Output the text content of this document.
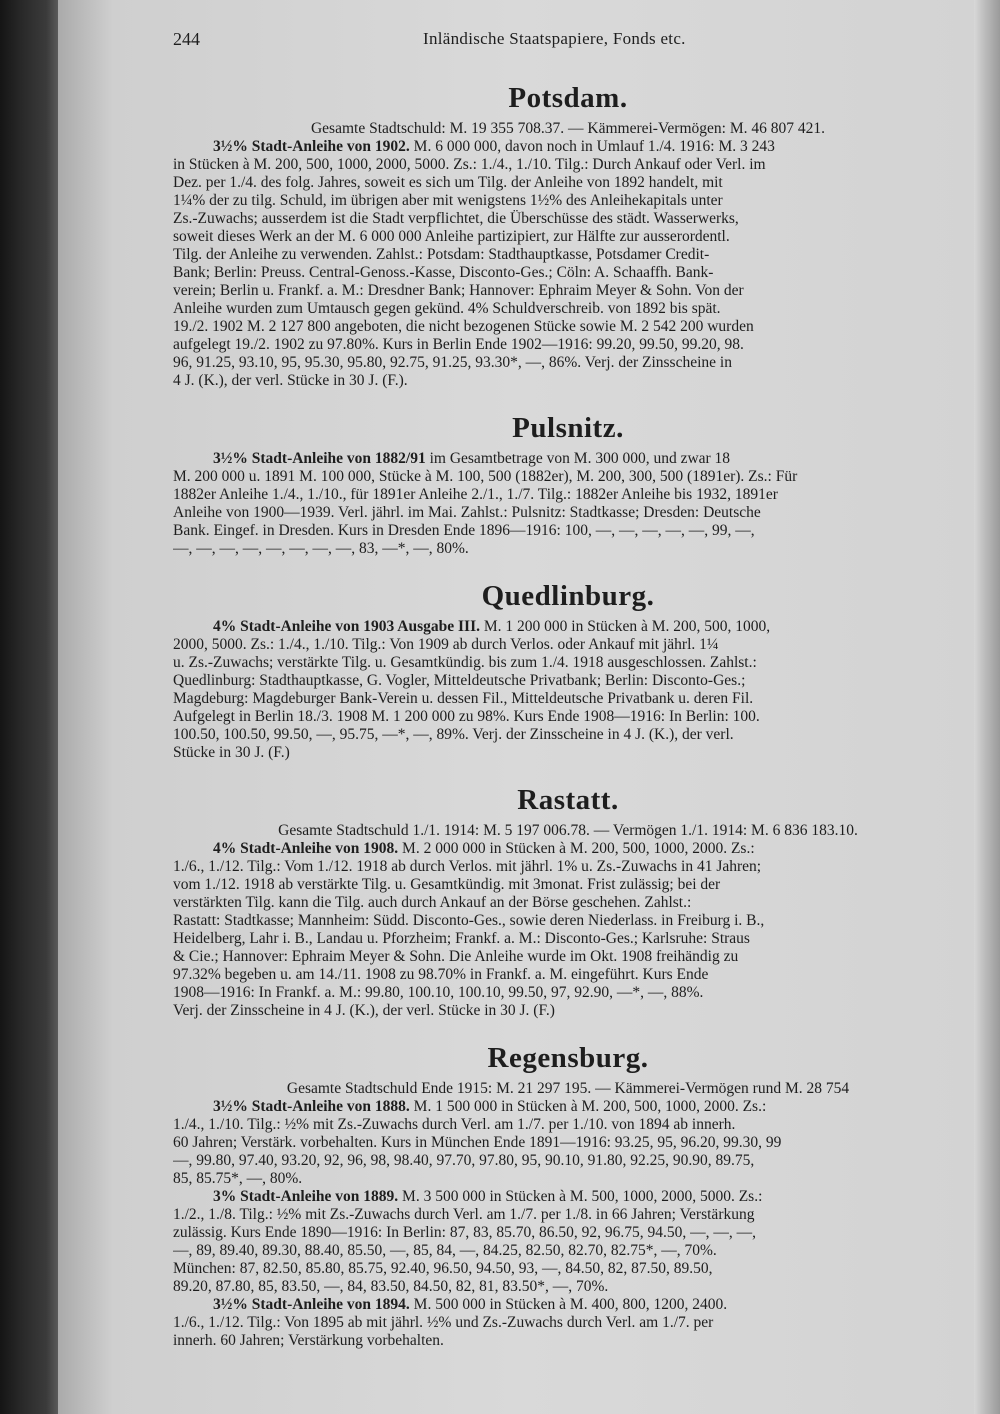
244	Inländische Staatspapiere, Fonds etc.
Potsdam.
Gesamte Stadtschuld: M. 19 355 708.37. — Kämmerei-Vermögen: M. 46 807 421.
3½% Stadt-Anleihe von 1902. M. 6 000 000, davon noch in Umlauf 1./4. 1916: M. 3 243
in Stücken à M. 200, 500, 1000, 2000, 5000. Zs.: 1./4., 1./10. Tilg.: Durch Ankauf oder Verl. im
Dez. per 1./4. des folg. Jahres, soweit es sich um Tilg. der Anleihe von 1892 handelt, mit
1¼% der zu tilg. Schuld, im übrigen aber mit wenigstens 1½% des Anleihekapitals unter
Zs.-Zuwachs; ausserdem ist die Stadt verpflichtet, die Überschüsse des städt. Wasserwerks,
soweit dieses Werk an der M. 6 000 000 Anleihe partizipiert, zur Hälfte zur ausserordentl.
Tilg. der Anleihe zu verwenden. Zahlst.: Potsdam: Stadthauptkasse, Potsdamer Credit-
Bank; Berlin: Preuss. Central-Genoss.-Kasse, Disconto-Ges.; Cöln: A. Schaaffh. Bank-
verein; Berlin u. Frankf. a. M.: Dresdner Bank; Hannover: Ephraim Meyer & Sohn. Von der
Anleihe wurden zum Umtausch gegen gekünd. 4% Schuldverschreib. von 1892 bis spät.
19./2. 1902 M. 2 127 800 angeboten, die nicht bezogenen Stücke sowie M. 2 542 200 wurden
aufgelegt 19./2. 1902 zu 97.80%. Kurs in Berlin Ende 1902—1916: 99.20, 99.50, 99.20, 98.
96, 91.25, 93.10, 95, 95.30, 95.80, 92.75, 91.25, 93.30*, —, 86%. Verj. der Zinsscheine in
4 J. (K.), der verl. Stücke in 30 J. (F.).
Pulsnitz.
3½% Stadt-Anleihe von 1882/91 im Gesamtbetrage von M. 300 000, und zwar 18
M. 200 000 u. 1891 M. 100 000, Stücke à M. 100, 500 (1882er), M. 200, 300, 500 (1891er). Zs.: Für
1882er Anleihe 1./4., 1./10., für 1891er Anleihe 2./1., 1./7. Tilg.: 1882er Anleihe bis 1932, 1891er
Anleihe von 1900—1939. Verl. jährl. im Mai. Zahlst.: Pulsnitz: Stadtkasse; Dresden: Deutsche
Bank. Eingef. in Dresden. Kurs in Dresden Ende 1896—1916: 100, —, —, —, —, —, 99, —,
—, —, —, —, —, —, —, —, 83, —*, —, 80%.
Quedlinburg.
4% Stadt-Anleihe von 1903 Ausgabe III. M. 1 200 000 in Stücken à M. 200, 500, 1000,
2000, 5000. Zs.: 1./4., 1./10. Tilg.: Von 1909 ab durch Verlos. oder Ankauf mit jährl. 1¼
u. Zs.-Zuwachs; verstärkte Tilg. u. Gesamtkündig. bis zum 1./4. 1918 ausgeschlossen. Zahlst.:
Quedlinburg: Stadthauptkasse, G. Vogler, Mitteldeutsche Privatbank; Berlin: Disconto-Ges.;
Magdeburg: Magdeburger Bank-Verein u. dessen Fil., Mitteldeutsche Privatbank u. deren Fil.
Aufgelegt in Berlin 18./3. 1908 M. 1 200 000 zu 98%. Kurs Ende 1908—1916: In Berlin: 100.
100.50, 100.50, 99.50, —, 95.75, —*, —, 89%. Verj. der Zinsscheine in 4 J. (K.), der verl.
Stücke in 30 J. (F.)
Rastatt.
Gesamte Stadtschuld 1./1. 1914: M. 5 197 006.78. — Vermögen 1./1. 1914: M. 6 836 183.10.
4% Stadt-Anleihe von 1908. M. 2 000 000 in Stücken à M. 200, 500, 1000, 2000. Zs.:
1./6., 1./12. Tilg.: Vom 1./12. 1918 ab durch Verlos. mit jährl. 1% u. Zs.-Zuwachs in 41 Jahren;
vom 1./12. 1918 ab verstärkte Tilg. u. Gesamtkündig. mit 3monat. Frist zulässig; bei der
verstärkten Tilg. kann die Tilg. auch durch Ankauf an der Börse geschehen. Zahlst.:
Rastatt: Stadtkasse; Mannheim: Südd. Disconto-Ges., sowie deren Niederlass. in Freiburg i. B.,
Heidelberg, Lahr i. B., Landau u. Pforzheim; Frankf. a. M.: Disconto-Ges.; Karlsruhe: Straus
& Cie.; Hannover: Ephraim Meyer & Sohn. Die Anleihe wurde im Okt. 1908 freihändig zu
97.32% begeben u. am 14./11. 1908 zu 98.70% in Frankf. a. M. eingeführt. Kurs Ende
1908—1916: In Frankf. a. M.: 99.80, 100.10, 100.10, 99.50, 97, 92.90, —*, —, 88%.
Verj. der Zinsscheine in 4 J. (K.), der verl. Stücke in 30 J. (F.)
Regensburg.
Gesamte Stadtschuld Ende 1915: M. 21 297 195. — Kämmerei-Vermögen rund M. 28 754
3½% Stadt-Anleihe von 1888. M. 1 500 000 in Stücken à M. 200, 500, 1000, 2000. Zs.:
1./4., 1./10. Tilg.: ½% mit Zs.-Zuwachs durch Verl. am 1./7. per 1./10. von 1894 ab innerh.
60 Jahren; Verstärk. vorbehalten. Kurs in München Ende 1891—1916: 93.25, 95, 96.20, 99.30, 99
—, 99.80, 97.40, 93.20, 92, 96, 98, 98.40, 97.70, 97.80, 95, 90.10, 91.80, 92.25, 90.90, 89.75,
85, 85.75*, —, 80%.
3% Stadt-Anleihe von 1889. M. 3 500 000 in Stücken à M. 500, 1000, 2000, 5000. Zs.:
1./2., 1./8. Tilg.: ½% mit Zs.-Zuwachs durch Verl. am 1./7. per 1./8. in 66 Jahren; Verstärkung
zulässig. Kurs Ende 1890—1916: In Berlin: 87, 83, 85.70, 86.50, 92, 96.75, 94.50, —, —, —,
—, 89, 89.40, 89.30, 88.40, 85.50, —, 85, 84, —, 84.25, 82.50, 82.70, 82.75*, —, 70%.
München: 87, 82.50, 85.80, 85.75, 92.40, 96.50, 94.50, 93, —, 84.50, 82, 87.50, 89.50,
89.20, 87.80, 85, 83.50, —, 84, 83.50, 84.50, 82, 81, 83.50*, —, 70%.
3½% Stadt-Anleihe von 1894. M. 500 000 in Stücken à M. 400, 800, 1200, 2400.
1./6., 1./12. Tilg.: Von 1895 ab mit jährl. ½% und Zs.-Zuwachs durch Verl. am 1./7. per
innerh. 60 Jahren; Verstärkung vorbehalten.
